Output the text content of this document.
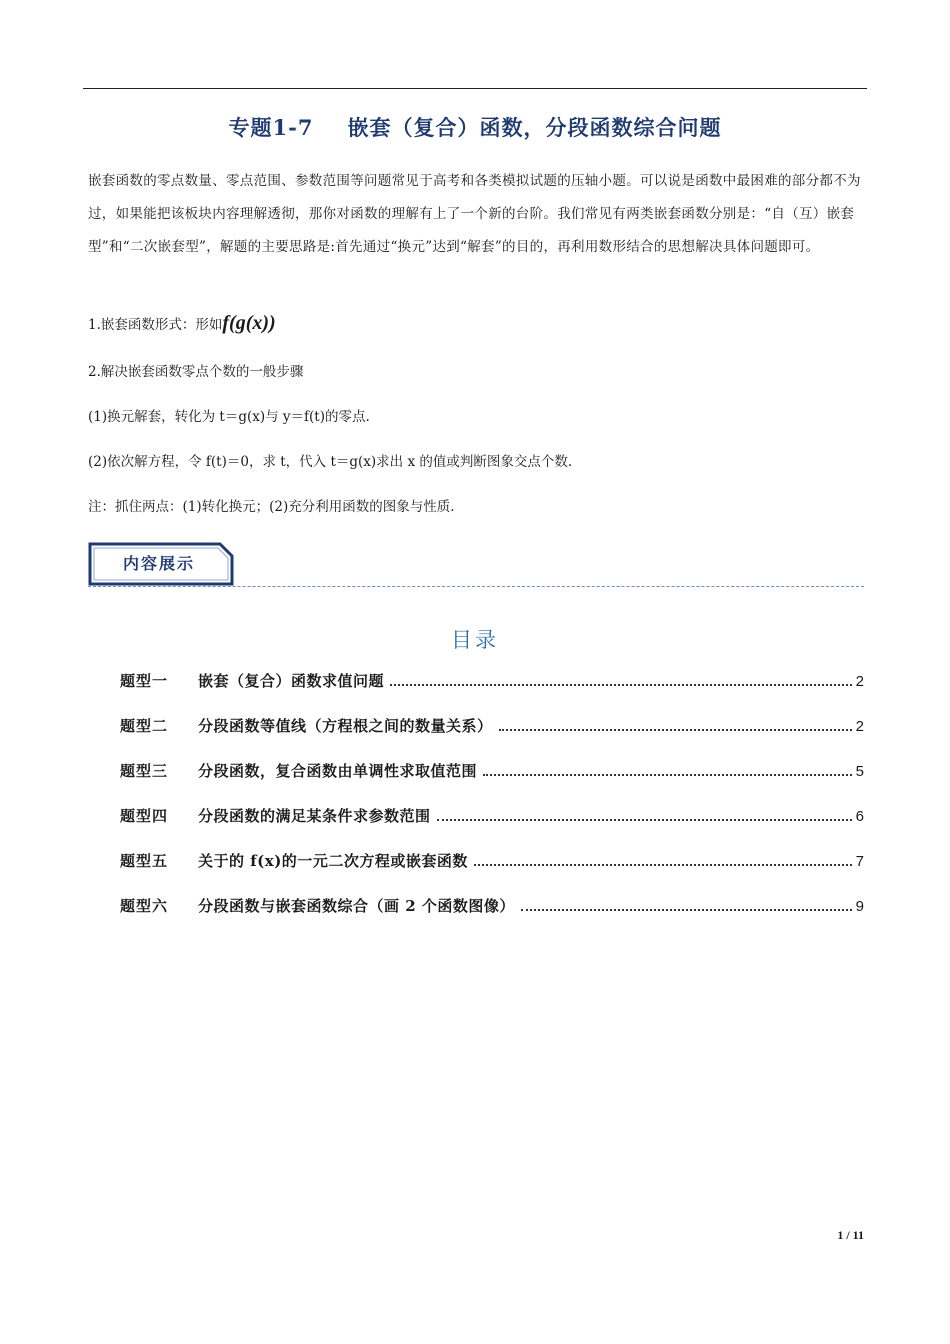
专题1-7 嵌套（复合）函数，分段函数综合问题
嵌套函数的零点数量、零点范围、参数范围等问题常见于高考和各类模拟试题的压轴小题。可以说是函数中最困难的部分都不为过，如果能把该板块内容理解透彻，那你对函数的理解有上了一个新的台阶。我们常见有两类嵌套函数分别是：“自（互）嵌套型”和“二次嵌套型”，解题的主要思路是:首先通过“换元”达到“解套”的目的，再利用数形结合的思想解决具体问题即可。
1.嵌套函数形式：形如f(g(x))
2.解决嵌套函数零点个数的一般步骤
(1)换元解套，转化为 t＝g(x)与 y＝f(t)的零点.
(2)依次解方程，令 f(t)＝0，求 t，代入 t＝g(x)求出 x 的值或判断图象交点个数.
注：抓住两点：(1)转化换元；(2)充分利用函数的图象与性质.
内容展示
目录
题型一	嵌套（复合）函数求值问题	2
题型二	分段函数等值线（方程根之间的数量关系）	2
题型三	分段函数，复合函数由单调性求取值范围	5
题型四	分段函数的满足某条件求参数范围	6
题型五	关于的 f(x)的一元二次方程或嵌套函数	7
题型六	分段函数与嵌套函数综合（画 2 个函数图像）	9
1 / 11
